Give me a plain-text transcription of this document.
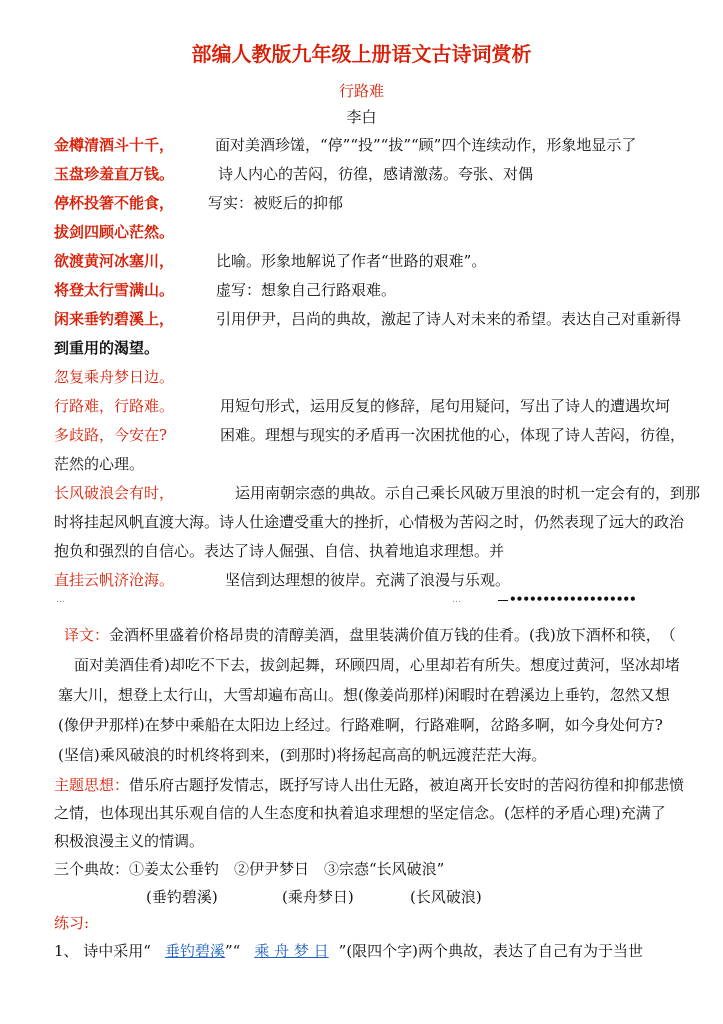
部编人教版九年级上册语文古诗词赏析
行路难
李白
金樽清酒斗十千，	面对美酒珍馐，“停”“投”“拔”“顾”四个连续动作，形象地显示了
玉盘珍羞直万钱。	诗人内心的苦闷，彷徨，感请激荡。夸张、对偶
停杯投箸不能食， 写实：被贬后的抑郁
拔剑四顾心茫然。
欲渡黄河冰塞川，	比喻。形象地解说了作者“世路的艰难”。
将登太行雪满山。	虚写：想象自己行路艰难。
闲来垂钓碧溪上，	引用伊尹，吕尚的典故，激起了诗人对未来的希望。表达自己对重新得
到重用的渴望。
忽复乘舟梦日边。
行路难，行路难。	用短句形式，运用反复的修辞，尾句用疑问，写出了诗人的遭遇坎坷
多歧路，今安在?	困难。理想与现实的矛盾再一次困扰他的心，体现了诗人苦闷，彷徨，
茫然的心理。
长风破浪会有时，	运用南朝宗悫的典故。示自己乘长风破万里浪的时机一定会有的，到那
时将挂起风帆直渡大海。诗人仕途遭受重大的挫折，心情极为苦闷之时，仍然表现了远大的政治
抱负和强烈的自信心。表达了诗人倔强、自信、执着地追求理想。并
直挂云帆济沧海。	坚信到达理想的彼岸。充满了浪漫与乐观。
…	…	•••••••••••••••••••
译文：金酒杯里盛着价格昂贵的清醇美酒，盘里装满价值万钱的佳肴。(我)放下酒杯和筷，　（
面对美酒佳肴)却吃不下去，拔剑起舞，环顾四周，心里却若有所失。想度过黄河，坚冰却堵
塞大川，想登上太行山，大雪却遍布高山。想(像姜尚那样)闲暇时在碧溪边上垂钓，忽然又想
(像伊尹那样)在梦中乘船在太阳边上经过。行路难啊，行路难啊，岔路多啊，如今身处何方?
(坚信)乘风破浪的时机终将到来，(到那时)将扬起高高的帆远渡茫茫大海。
主题思想：借乐府古题抒发情志，既抒写诗人出仕无路，被迫离开长安时的苦闷彷徨和抑郁悲愤
之情，也体现出其乐观自信的人生态度和执着追求理想的坚定信念。(怎样的矛盾心理)充满了
积极浪漫主义的情调。
三个典故：①姜太公垂钓　②伊尹梦日　③宗悫“长风破浪”
(垂钓碧溪)	(乘舟梦日)	(长风破浪)
练习:
1、 诗中采用“ 垂钓碧溪”“ 乘 舟 梦 日 ”(限四个字)两个典故，表达了自己有为于当世
